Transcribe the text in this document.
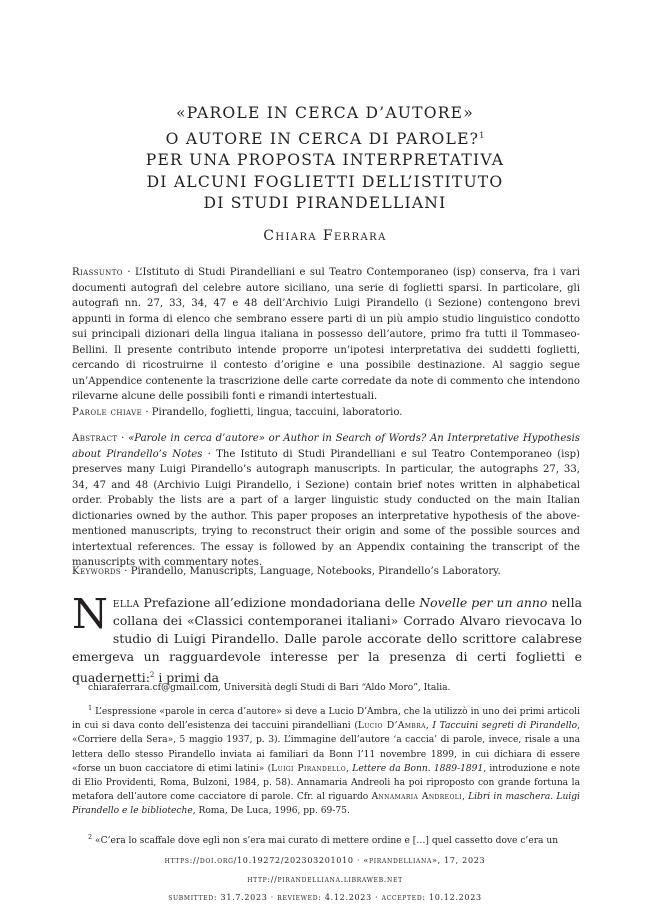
«PAROLE IN CERCA D’AUTORE»
O AUTORE IN CERCA DI PAROLE?$^1$
PER UNA PROPOSTA INTERPRETATIVA
DI ALCUNI FOGLIETTI DELL’ISTITUTO
DI STUDI PIRANDELLIANI
Chiara Ferrara
Riassunto · L’Istituto di Studi Pirandelliani e sul Teatro Contemporaneo (isp) conserva, fra i vari documenti autografi del celebre autore siciliano, una serie di foglietti sparsi. In particolare, gli autografi nn. 27, 33, 34, 47 e 48 dell’Archivio Luigi Pirandello (i Sezione) contengono brevi appunti in forma di elenco che sembrano essere parti di un più ampio studio linguistico condotto sui principali dizionari della lingua italiana in possesso dell’autore, primo fra tutti il Tommaseo-Bellini. Il presente contributo intende proporre un’ipotesi interpretativa dei suddetti foglietti, cercando di ricostruirne il contesto d’origine e una possibile destinazione. Al saggio segue un’Appendice contenente la trascrizione delle carte corredate da note di commento che intendono rilevarne alcune delle possibili fonti e rimandi intertestuali.
Parole chiave · Pirandello, foglietti, lingua, taccuini, laboratorio.
Abstract · «Parole in cerca d’autore» or Author in Search of Words? An Interpretative Hypothesis about Pirandello’s Notes · The Istituto di Studi Pirandelliani e sul Teatro Contemporaneo (isp) preserves many Luigi Pirandello’s autograph manuscripts. In particular, the autographs 27, 33, 34, 47 and 48 (Archivio Luigi Pirandello, i Sezione) contain brief notes written in alphabetical order. Probably the lists are a part of a larger linguistic study conducted on the main Italian dictionaries owned by the author. This paper proposes an interpretative hypothesis of the above-mentioned manuscripts, trying to reconstruct their origin and some of the possible sources and intertextual references. The essay is followed by an Appendix containing the transcript of the manuscripts with commentary notes.
Keywords · Pirandello, Manuscripts, Language, Notebooks, Pirandello’s Laboratory.
Nella Prefazione all’edizione mondadoriana delle Novelle per un anno nella collana dei «Classici contemporanei italiani» Corrado Alvaro rievocava lo studio di Luigi Pirandello. Dalle parole accorate dello scrittore calabrese emergeva un ragguardevole interesse per la presenza di certi foglietti e quadernetti:$^2$ i primi da
chiaraferrara.cf@gmail.com, Università degli Studi di Bari “Aldo Moro”, Italia.

$^1$ L’espressione «parole in cerca d’autore» si deve a Lucio D’Ambra, che la utilizzò in uno dei primi articoli in cui si dava conto dell’esistenza dei taccuini pirandelliani (Lucio D’Ambra, I Taccuini segreti di Pirandello, «Corriere della Sera», 5 maggio 1937, p. 3). L’immagine dell’autore ‘a caccia’ di parole, invece, risale a una lettera dello stesso Pirandello inviata ai familiari da Bonn l’11 novembre 1899, in cui dichiara di essere «forse un buon cacciatore di etimi latini» (Luigi Pirandello, Lettere da Bonn. 1889-1891, introduzione e note di Elio Providenti, Roma, Bulzoni, 1984, p. 58). Annamaria Andreoli ha poi riproposto con grande fortuna la metafora dell’autore come cacciatore di parole. Cfr. al riguardo Annamaria Andreoli, Libri in maschera. Luigi Pirandello e le biblioteche, Roma, De Luca, 1996, pp. 69-75.

$^2$ «C’era lo scaffale dove egli non s’era mai curato di mettere ordine e […] quel cassetto dove c’era un

https://doi.org/10.19272/202303201010 · «pirandelliana», 17, 2023
http://pirandelliana.libraweb.net
submitted: 31.7.2023 · reviewed: 4.12.2023 · accepted: 10.12.2023
